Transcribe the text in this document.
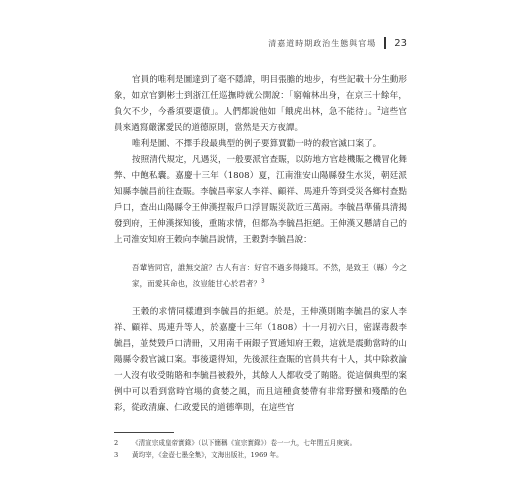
清嘉道時期政治生態與官場 23

官員的唯利是圖達到了毫不隱諱，明目張膽的地步，有些記載十分生動形象，如京官劉彬士到浙江任巡撫時就公開說：「窮翰林出身，在京三十餘年，負欠不少，今番須要還債」。人們都說他如「餓虎出林，急不能待」。$^2$這些官員來過寫嚴潔愛民的道德原則，當然是天方夜譚。

唯利是圖、不擇手段最典型的例子要算賈勸一時的殺官滅口案了。

按照清代規定，凡遇災，一般要派官查賑，以防地方官趁機賑之機冒化舞弊、中飽私囊。嘉慶十三年（1808）夏，江南淮安山陽縣發生水災，朝廷派知縣李毓昌前往查賑。李毓昌率家人李祥、顧祥、馬連升等到受災各鄉村查點戶口，查出山陽縣令王伸漢捏報戶口浮冒賑災款近三萬兩。李毓昌準備具清揭發到府，王伸漢探知後，重賄求情，但都為李毓昌拒絕。王伸漢又懸請自己的上司淮安知府王穀向李毓昌說情，王穀對李毓昌說：

吾輩皆同官，誰無交誼？古人有言：好官不過多得錢耳。不然，是致王（縣）今之家，而愛其命也，汝豈能甘心於君者？$^3$

王穀的求情同樣遭到李毓昌的拒絕。於是，王伸漢則賄李毓昌的家人李祥、顧祥、馬連升等人，於嘉慶十三年（1808）十一月初六日，密謀毒殺李毓昌，並焚毀戶口清冊，又用南千兩銀子買通知府王穀，這就是震動當時的山陽縣令殺官滅口案。事後還得知，先後派往查賑的官員共有十人，其中除救論一人沒有收受賄賂和李毓昌被殺外，其餘人人都收受了賄賂。從這個典型的案例中可以看到當時官場的貪婪之風，而且這種貪婪帶有非常野蠻和殘酷的色彩，從政清廉、仁政愛民的道德準則，在這些官

2 《清宣宗成皇帝實錄》（以下簡稱《宣宗實錄》）卷一一九，七年閏五月庚寅。
3 黃均宰，《金壺七墨全集》，文海出版社，1969 年。
